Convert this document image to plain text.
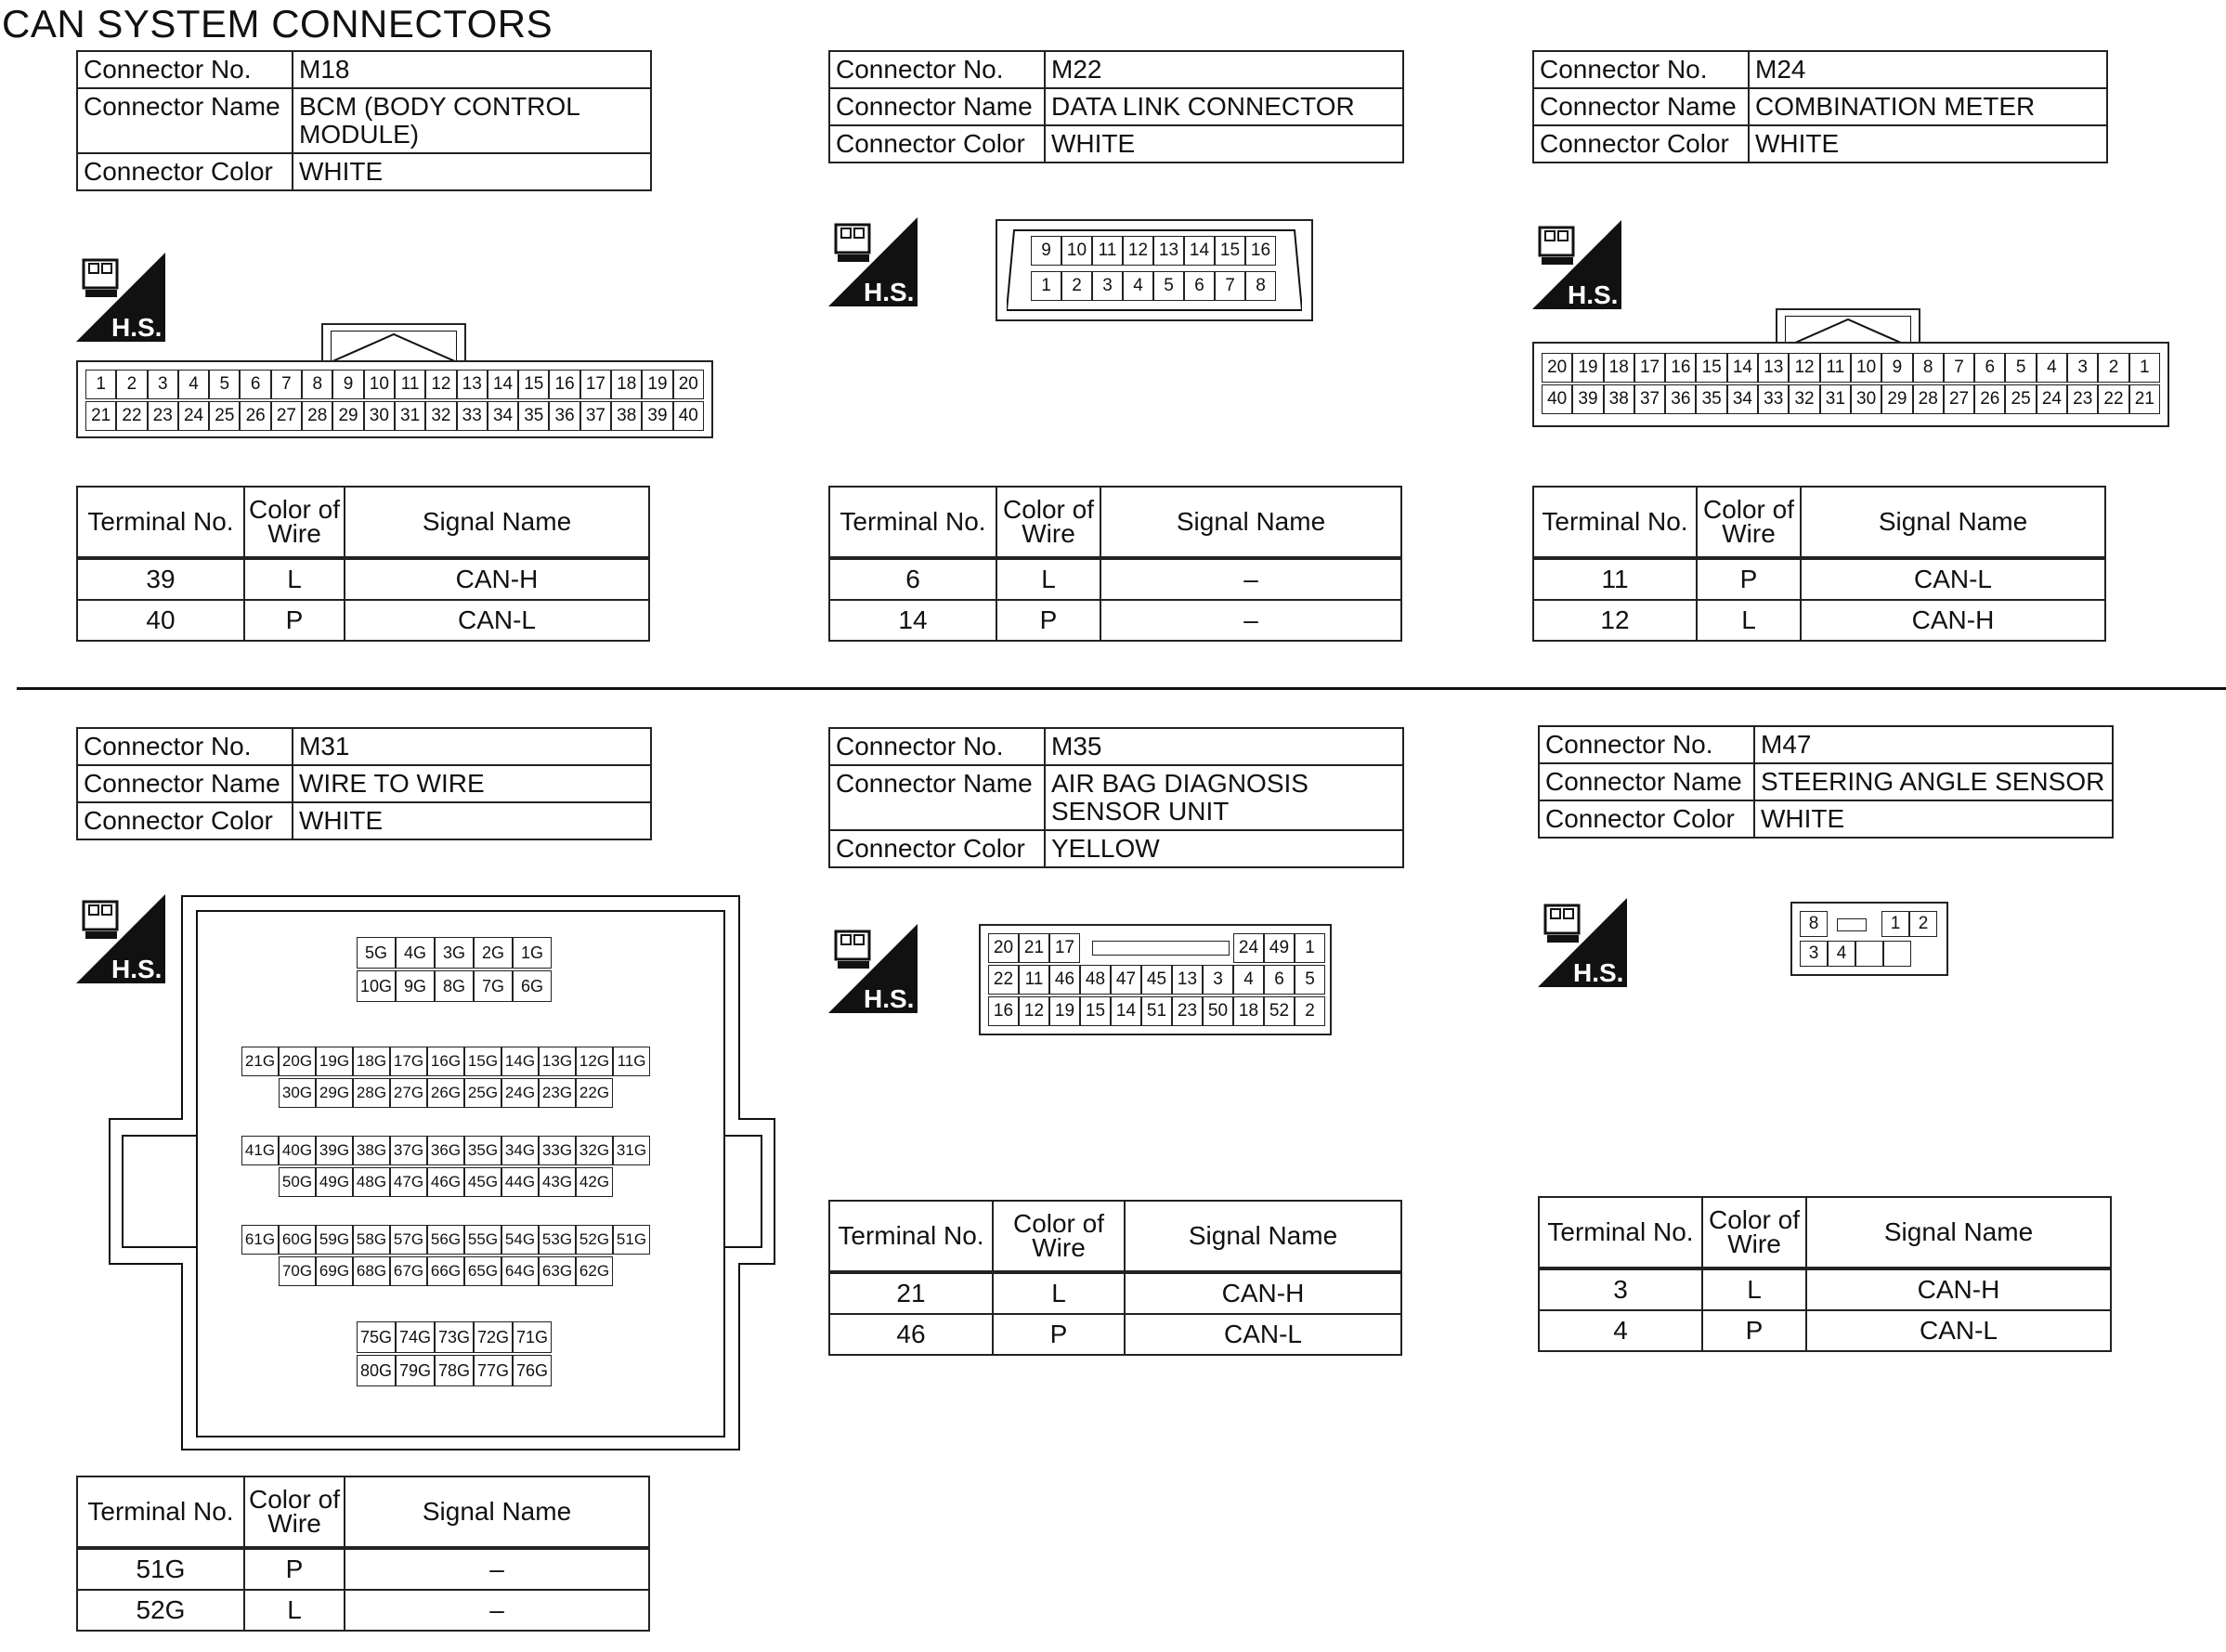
CAN SYSTEM CONNECTORS
Connector No.	M18
Connector Name	BCM (BODY CONTROL MODULE)
Connector Color	WHITE
H.S.
1	2	3	4	5	6	7	8	9 10 11 12 13 14 15 16 17 18 19 20
21 22 23 24 25 26 27 28 29 30 31 32 33 34 35 36 37 38 39 40
Terminal No.	Color of Wire	Signal Name
39	L	CAN-H
40	P	CAN-L
Connector No.	M22
Connector Name	DATA LINK CONNECTOR
Connector Color	WHITE
H.S.
9 10 11 12 13 14 15 16
1	2	3	4	5	6	7	8
Terminal No.	Color of Wire	Signal Name
6	L	–
14	P	–
Connector No.	M24
Connector Name	COMBINATION METER
Connector Color	WHITE
H.S.
20 19 18 17 16 15 14 13 12 11 10 9	8	7	6	5	4	3	2	1
40 39 38 37 36 35 34 33 32 31 30 29 28 27 26 25 24 23 22 21
Terminal No.	Color of Wire	Signal Name
11	P	CAN-L
12	L	CAN-H
Connector No.	M31
Connector Name	WIRE TO WIRE
Connector Color	WHITE
H.S.
5G 4G 3G 2G 1G
10G 9G 8G 7G 6G
21G 20G 19G 18G 17G 16G 15G 14G 13G 12G 11G
30G 29G 28G 27G 26G 25G 24G 23G 22G
41G 40G 39G 38G 37G 36G 35G 34G 33G 32G 31G
50G 49G 48G 47G 46G 45G 44G 43G 42G
61G 60G 59G 58G 57G 56G 55G 54G 53G 52G 51G
70G 69G 68G 67G 66G 65G 64G 63G 62G
75G 74G 73G 72G 71G
80G 79G 78G 77G 76G
Terminal No.	Color of Wire	Signal Name
51G	P	–
52G	L	–
Connector No.	M35
Connector Name	AIR BAG DIAGNOSIS SENSOR UNIT
Connector Color	YELLOW
H.S.
20 21 17	24 49 1
22 11 46 48 47 45 13 3	4	6	5
16 12 19 15 14 51 23 50 18 52 2
Terminal No.	Color of Wire	Signal Name
21	L	CAN-H
46	P	CAN-L
Connector No.	M47
Connector Name	STEERING ANGLE SENSOR
Connector Color	WHITE
H.S.
8	1	2
3	4
Terminal No.	Color of Wire	Signal Name
3	L	CAN-H
4	P	CAN-L
